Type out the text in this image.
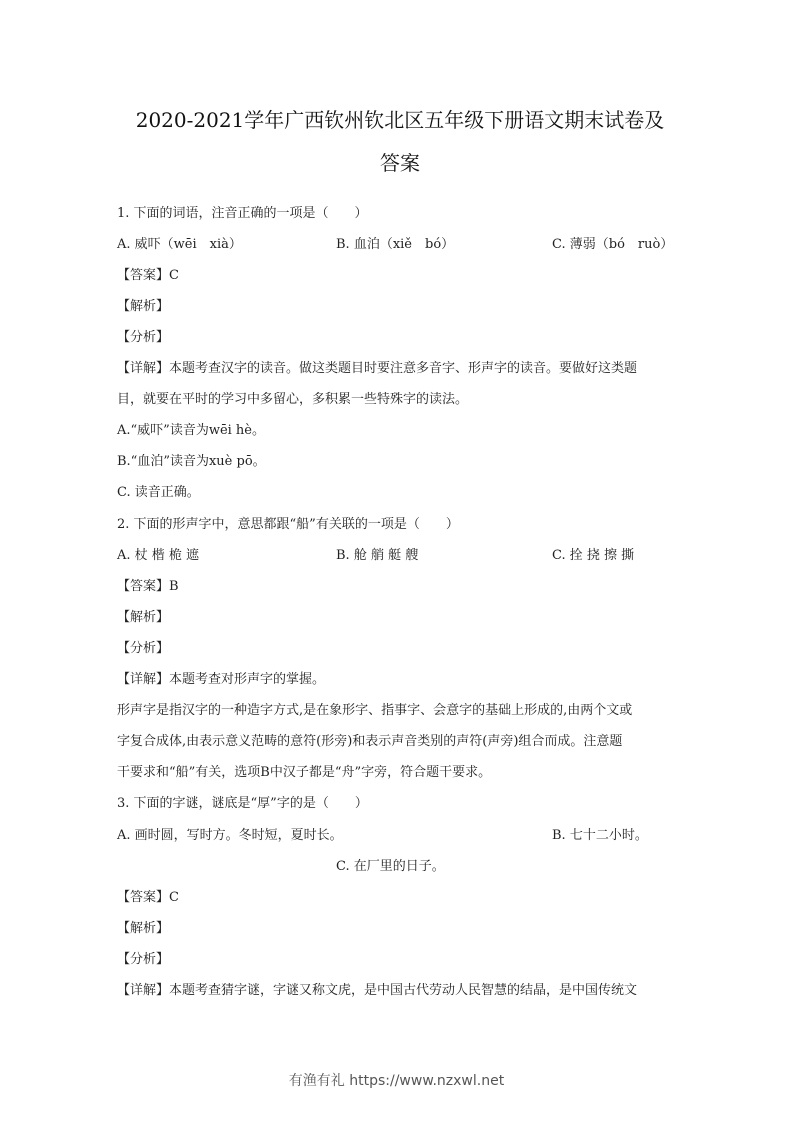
2020-2021学年广西钦州钦北区五年级下册语文期末试卷及
答案
1. 下面的词语，注音正确的一项是（　　）
A. 威吓（wēi　xià）	B. 血泊（xiě　bó）	C. 薄弱（bó　ruò）
【答案】C
【解析】
【分析】
【详解】本题考查汉字的读音。做这类题目时要注意多音字、形声字的读音。要做好这类题
目，就要在平时的学习中多留心，多积累一些特殊字的读法。
A.“威吓”读音为wēi hè。
B.“血泊”读音为xuè pō。
C. 读音正确。
2. 下面的形声字中，意思都跟“船”有关联的一项是（　　）
A. 杖 楷 桅 遮	B. 舱 艄 艇 艘	C. 拴 挠 擦 撕
【答案】B
【解析】
【分析】
【详解】本题考查对形声字的掌握。
形声字是指汉字的一种造字方式,是在象形字、指事字、会意字的基础上形成的,由两个文或
字复合成体,由表示意义范畴的意符(形旁)和表示声音类别的声符(声旁)组合而成。注意题
干要求和“船”有关，选项B中汉子都是“舟”字旁，符合题干要求。
3. 下面的字谜，谜底是“厚”字的是（　　）
A. 画时圆，写时方。冬时短，夏时长。	B. 七十二小时。
C. 在厂里的日子。
【答案】C
【解析】
【分析】
【详解】本题考查猜字谜，字谜又称文虎，是中国古代劳动人民智慧的结晶，是中国传统文
有渔有礼 https://www.nzxwl.net
